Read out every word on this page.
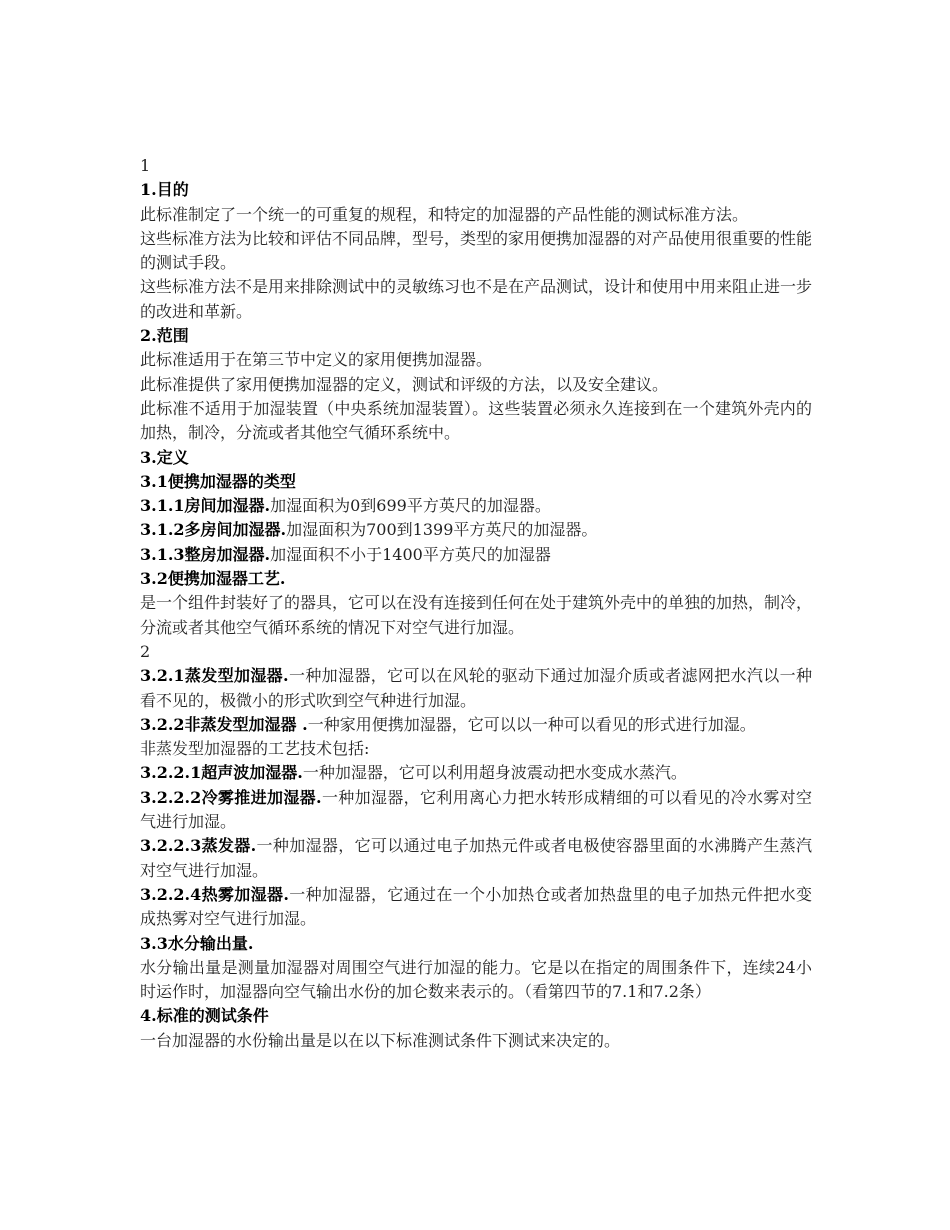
1

1.目的

此标准制定了一个统一的可重复的规程，和特定的加湿器的产品性能的测试标准方法。

这些标准方法为比较和评估不同品牌，型号，类型的家用便携加湿器的对产品使用很重要的性能的测试手段。

这些标准方法不是用来排除测试中的灵敏练习也不是在产品测试，设计和使用中用来阻止进一步的改进和革新。

2.范围

此标准适用于在第三节中定义的家用便携加湿器。

此标准提供了家用便携加湿器的定义，测试和评级的方法，以及安全建议。

此标准不适用于加湿装置（中央系统加湿装置）。这些装置必须永久连接到在一个建筑外壳内的加热，制冷，分流或者其他空气循环系统中。

3.定义

3.1便携加湿器的类型

3.1.1房间加湿器.加湿面积为0到699平方英尺的加湿器。

3.1.2多房间加湿器.加湿面积为700到1399平方英尺的加湿器。

3.1.3整房加湿器.加湿面积不小于1400平方英尺的加湿器

3.2便携加湿器工艺.

是一个组件封装好了的器具，它可以在没有连接到任何在处于建筑外壳中的单独的加热，制冷，分流或者其他空气循环系统的情况下对空气进行加湿。

2

3.2.1蒸发型加湿器.一种加湿器，它可以在风轮的驱动下通过加湿介质或者滤网把水汽以一种看不见的，极微小的形式吹到空气种进行加湿。

3.2.2非蒸发型加湿器 .一种家用便携加湿器，它可以以一种可以看见的形式进行加湿。

非蒸发型加湿器的工艺技术包括:

3.2.2.1超声波加湿器.一种加湿器，它可以利用超身波震动把水变成水蒸汽。

3.2.2.2冷雾推进加湿器.一种加湿器，它利用离心力把水转形成精细的可以看见的冷水雾对空气进行加湿。

3.2.2.3蒸发器.一种加湿器，它可以通过电子加热元件或者电极使容器里面的水沸腾产生蒸汽对空气进行加湿。

3.2.2.4热雾加湿器.一种加湿器，它通过在一个小加热仓或者加热盘里的电子加热元件把水变成热雾对空气进行加湿。

3.3水分输出量.

水分输出量是测量加湿器对周围空气进行加湿的能力。它是以在指定的周围条件下，连续24小时运作时，加湿器向空气输出水份的加仑数来表示的。（看第四节的7.1和7.2条）

4.标准的测试条件

一台加湿器的水份输出量是以在以下标准测试条件下测试来决定的。
